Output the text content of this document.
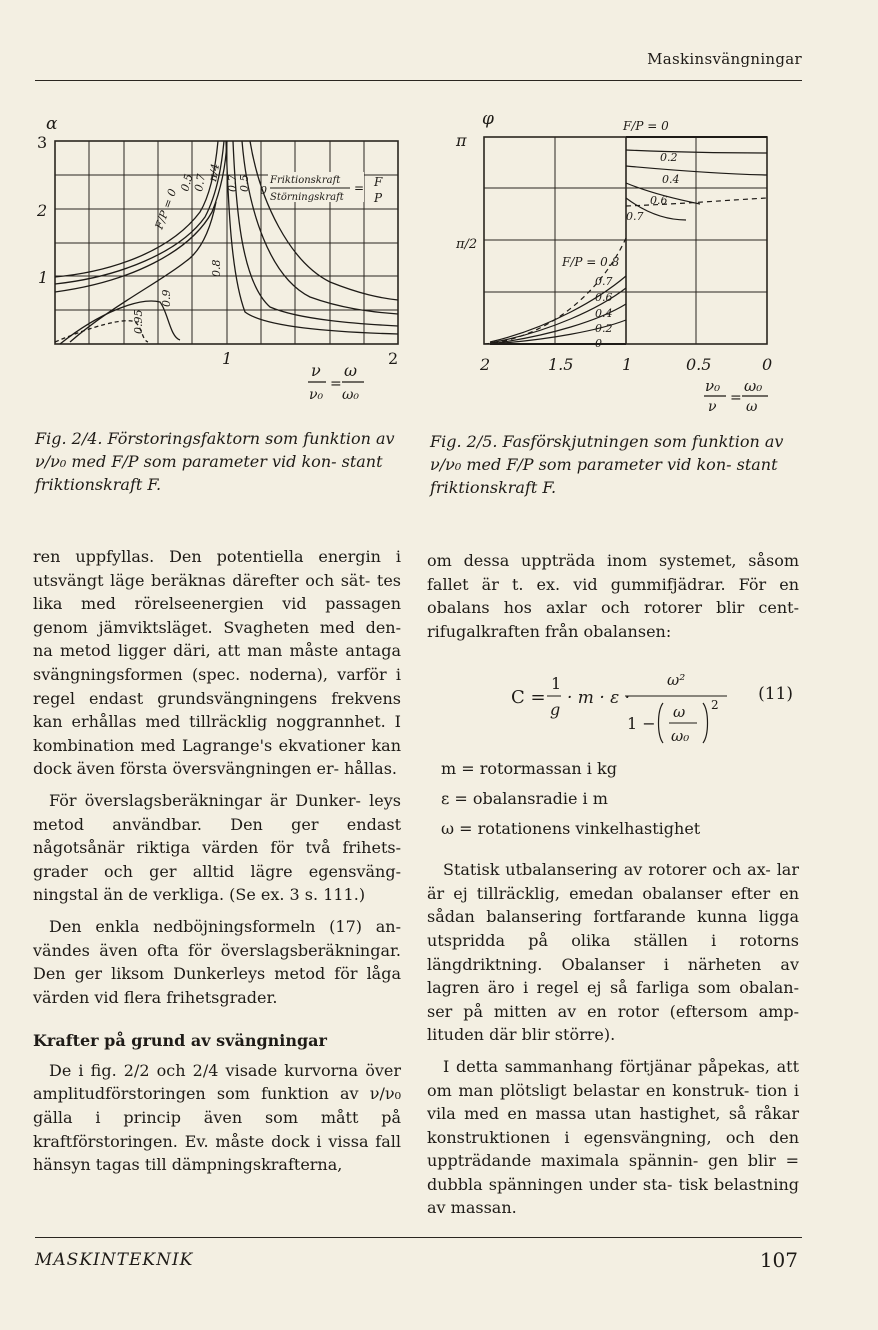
Maskinsvängningar
α
3
2
1
F/P = 0
0.5
0.7
π/4
0.7 0.5 0
0.8
0.9
0.95
Friktionskraft
Störningskraft
= F
P
1	2
ν
ν₀
=
ω
ω₀
Fig. 2/4. Förstoringsfaktorn som funktion av ν/ν₀ med F/P som parameter vid kon- stant friktionskraft F.
φ
π
π/2
F/P = 0
0.2
0.4
0.6
0.7
F/P = 0.8
0.7
0.6
0.4
0.2
0
2	1.5	1	0.5	0
ν₀
ν
=
ω₀
ω
Fig. 2/5. Fasförskjutningen som funktion av ν/ν₀ med F/P som parameter vid kon- stant friktionskraft F.

ren uppfyllas. Den potentiella energin i utsvängt läge beräknas därefter och sät- tes lika med rörelseenergien vid passagen genom jämviktsläget. Svagheten med den- na metod ligger däri, att man måste antaga svängningsformen (spec. noderna), varför i regel endast grundsvängningens frekvens kan erhållas med tillräcklig noggrannhet. I kombination med Lagrange's ekvationer kan dock även första översvängningen er- hållas.

För överslagsberäkningar är Dunker- leys metod användbar. Den ger endast någotsånär riktiga värden för två frihets- grader och ger alltid lägre egensväng- ningstal än de verkliga. (Se ex. 3 s. 111.)

Den enkla nedböjningsformeln (17) an- vändes även ofta för överslagsberäkningar. Den ger liksom Dunkerleys metod för låga värden vid flera frihetsgrader.

Krafter på grund av svängningar

De i fig. 2/2 och 2/4 visade kurvorna över amplitudförstoringen som funktion av ν/ν₀ gälla i princip även som mått på kraftförstoringen. Ev. måste dock i vissa fall hänsyn tagas till dämpningskrafterna,

om dessa uppträda inom systemet, såsom fallet är t. ex. vid gummifjädrar. För en obalans hos axlar och rotorer blir cent- rifugalkraften från obalansen:

C =
1
g
· m · ε ·
ω²
1 −
ω
ω₀
2
(11)
m = rotormassan i kg
ε = obalansradie i m
ω = rotationens vinkelhastighet

Statisk utbalansering av rotorer och ax- lar är ej tillräcklig, emedan obalanser efter en sådan balansering fortfarande kunna ligga utspridda på olika ställen i rotorns längdriktning. Obalanser i närheten av lagren äro i regel ej så farliga som obalan- ser på mitten av en rotor (eftersom amp- lituden där blir större).

I detta sammanhang förtjänar påpekas, att om man plötsligt belastar en konstruk- tion i vila med en massa utan hastighet, så råkar konstruktionen i egensvängning, och den uppträdande maximala spännin- gen blir = dubbla spänningen under sta- tisk belastning av massan.

MASKINTEKNIK	107
